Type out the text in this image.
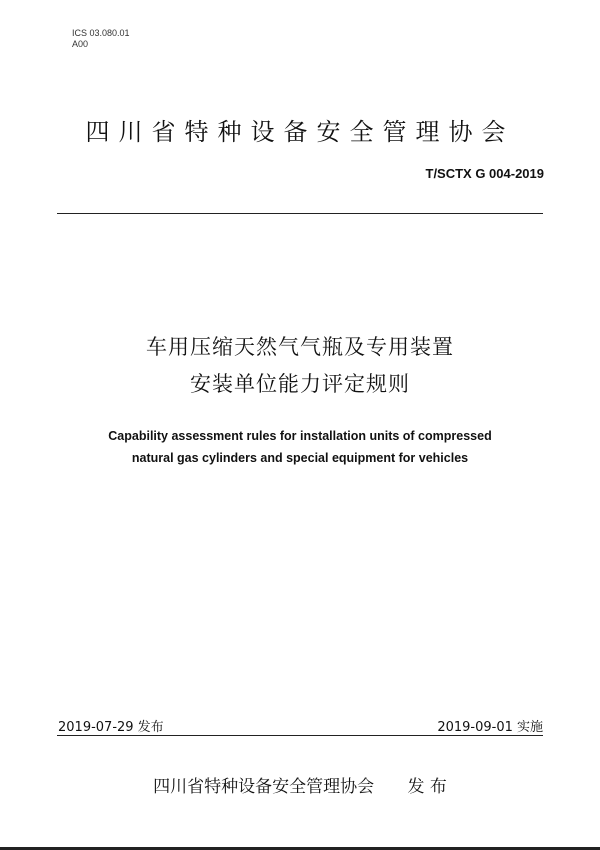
ICS 03.080.01
A00
四川省特种设备安全管理协会
T/SCTX G 004-2019
车用压缩天然气气瓶及专用装置
安装单位能力评定规则
Capability assessment rules for installation units of compressed
natural gas cylinders and special equipment for vehicles
2019-07-29 发布	2019-09-01 实施
四川省特种设备安全管理协会 发 布
